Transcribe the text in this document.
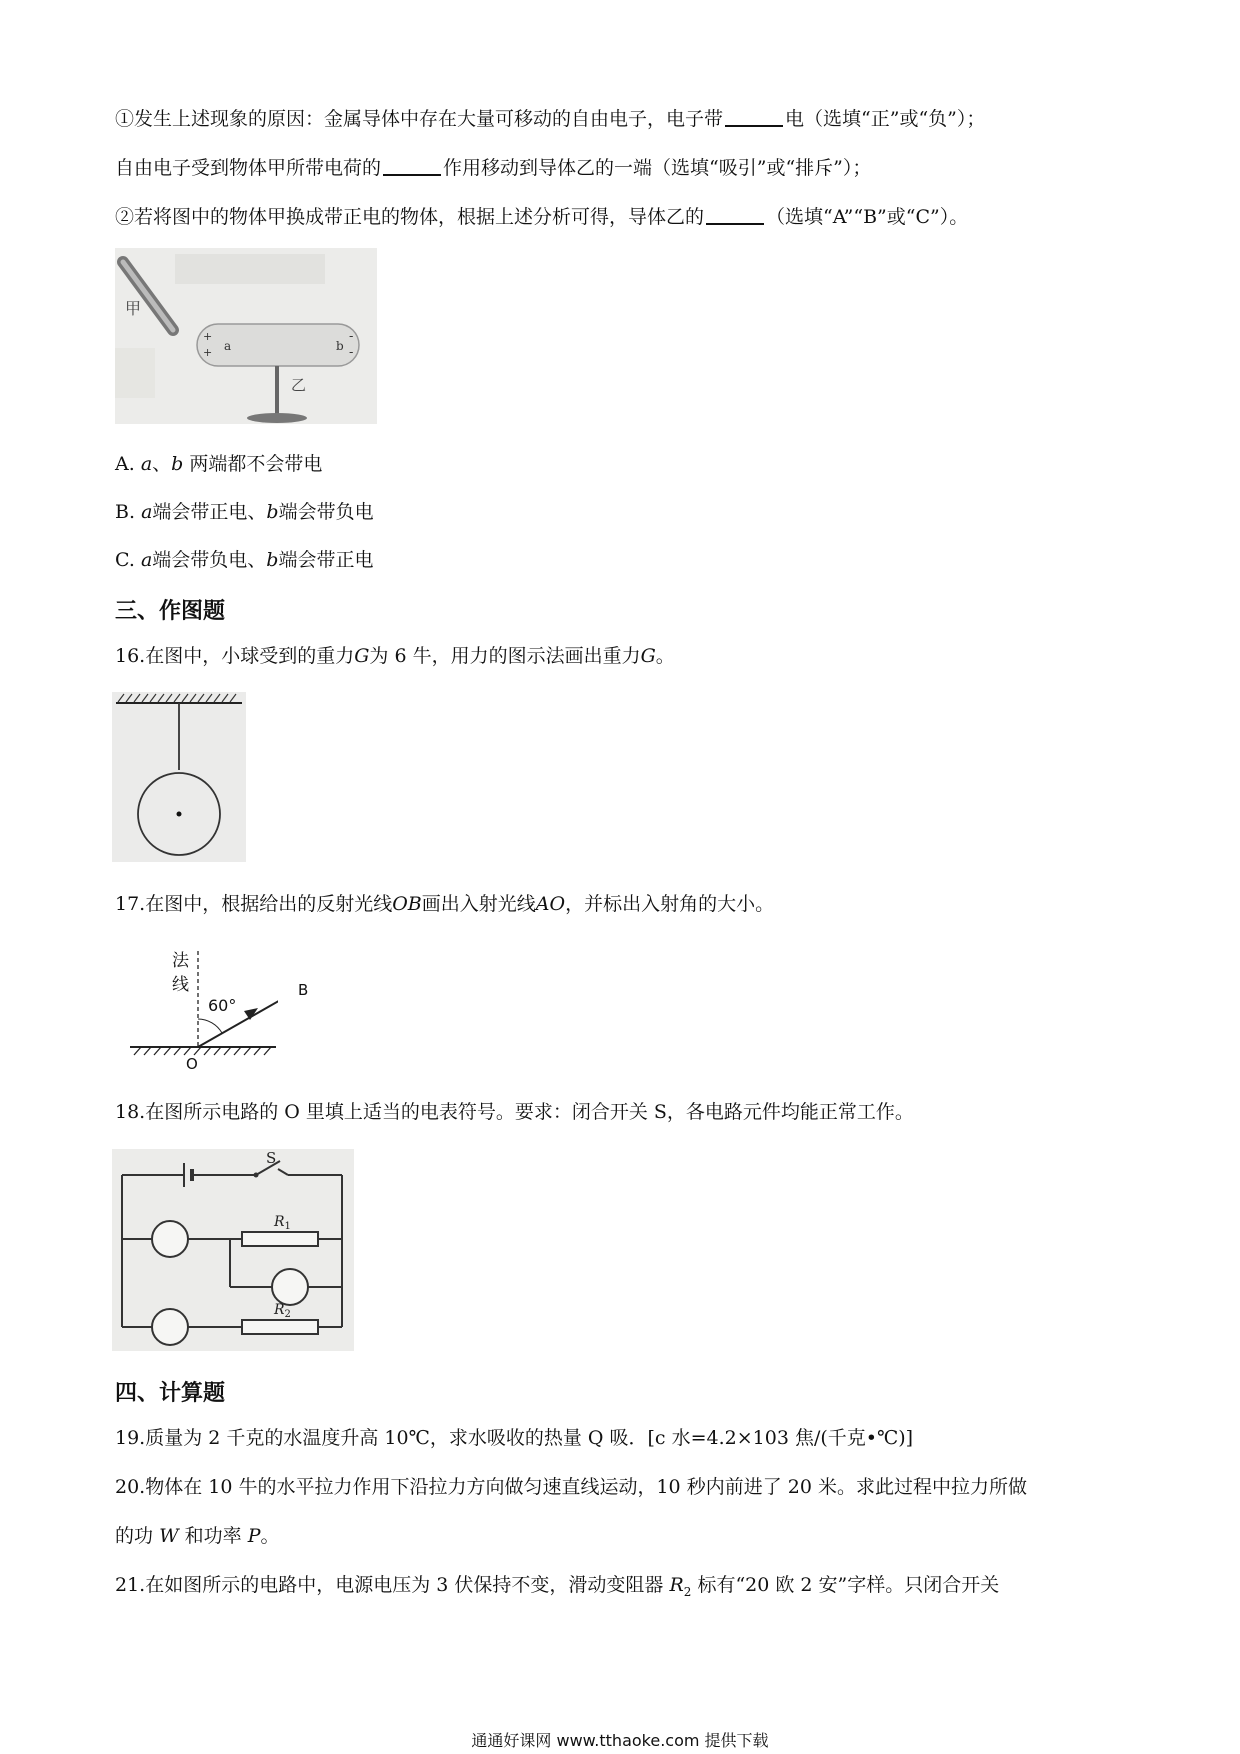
①发生上述现象的原因：金属导体中存在大量可移动的自由电子，电子带	电（选填“正”或“负”）；
自由电子受到物体甲所带电荷的	作用移动到导体乙的一端（选填“吸引”或“排斥”）；
②若将图中的物体甲换成带正电的物体，根据上述分析可得，导体乙的	（选填“A”“B”或“C”）。
甲
+
+ a	b
-
-
乙
A. a、b 两端都不会带电
B. a端会带正电、b端会带负电
C. a端会带负电、b端会带正电
三、作图题
16.在图中，小球受到的重力G为 6 牛，用力的图示法画出重力G。
17.在图中，根据给出的反射光线OB画出入射光线AO，并标出入射角的大小。
法
线
60°
O
B
18.在图所示电路的 O 里填上适当的电表符号。要求：闭合开关 S，各电路元件均能正常工作。
S
$R_1$
$R_2$
四、计算题
19.质量为 2 千克的水温度升高 10℃，求水吸收的热量 Q 吸．[c 水=4.2×103 焦/(千克•℃)]
20.物体在 10 牛的水平拉力作用下沿拉力方向做匀速直线运动，10 秒内前进了 20 米。求此过程中拉力所做
的功 W 和功率 P。
21.在如图所示的电路中，电源电压为 3 伏保持不变，滑动变阻器 $R_2$ 标有“20 欧 2 安”字样。只闭合开关
通通好课网 www.tthaoke.com 提供下载
